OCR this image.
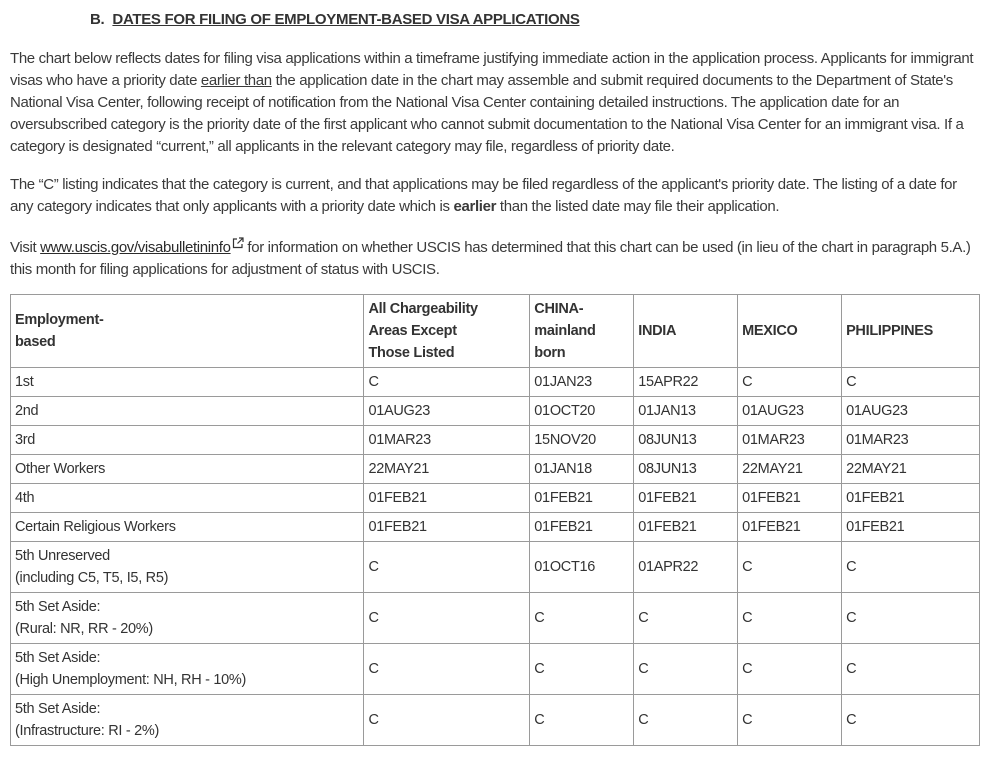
B. DATES FOR FILING OF EMPLOYMENT-BASED VISA APPLICATIONS

The chart below reflects dates for filing visa applications within a timeframe justifying immediate action in the application process. Applicants for immigrant visas who have a priority date earlier than the application date in the chart may assemble and submit required documents to the Department of State's National Visa Center, following receipt of notification from the National Visa Center containing detailed instructions. The application date for an oversubscribed category is the priority date of the first applicant who cannot submit documentation to the National Visa Center for an immigrant visa. If a category is designated “current,” all applicants in the relevant category may file, regardless of priority date.

The “C” listing indicates that the category is current, and that applications may be filed regardless of the applicant's priority date. The listing of a date for any category indicates that only applicants with a priority date which is earlier than the listed date may file their application.

Visit www.uscis.gov/visabulletininfo for information on whether USCIS has determined that this chart can be used (in lieu of the chart in paragraph 5.A.) this month for filing applications for adjustment of status with USCIS.

Employment-
based	All Chargeability
Areas Except
Those Listed	CHINA-
mainland
born	INDIA	MEXICO	PHILIPPINES
1st	C	01JAN23	15APR22	C	C
2nd	01AUG23	01OCT20	01JAN13	01AUG23	01AUG23
3rd	01MAR23	15NOV20	08JUN13	01MAR23	01MAR23
Other Workers	22MAY21	01JAN18	08JUN13	22MAY21	22MAY21
4th	01FEB21	01FEB21	01FEB21	01FEB21	01FEB21
Certain Religious Workers	01FEB21	01FEB21	01FEB21	01FEB21	01FEB21
5th Unreserved
(including C5, T5, I5, R5)	C	01OCT16	01APR22	C	C
5th Set Aside:
(Rural: NR, RR - 20%)	C	C	C	C	C
5th Set Aside:
(High Unemployment: NH, RH - 10%)	C	C	C	C	C
5th Set Aside:
(Infrastructure: RI - 2%)	C	C	C	C	C
